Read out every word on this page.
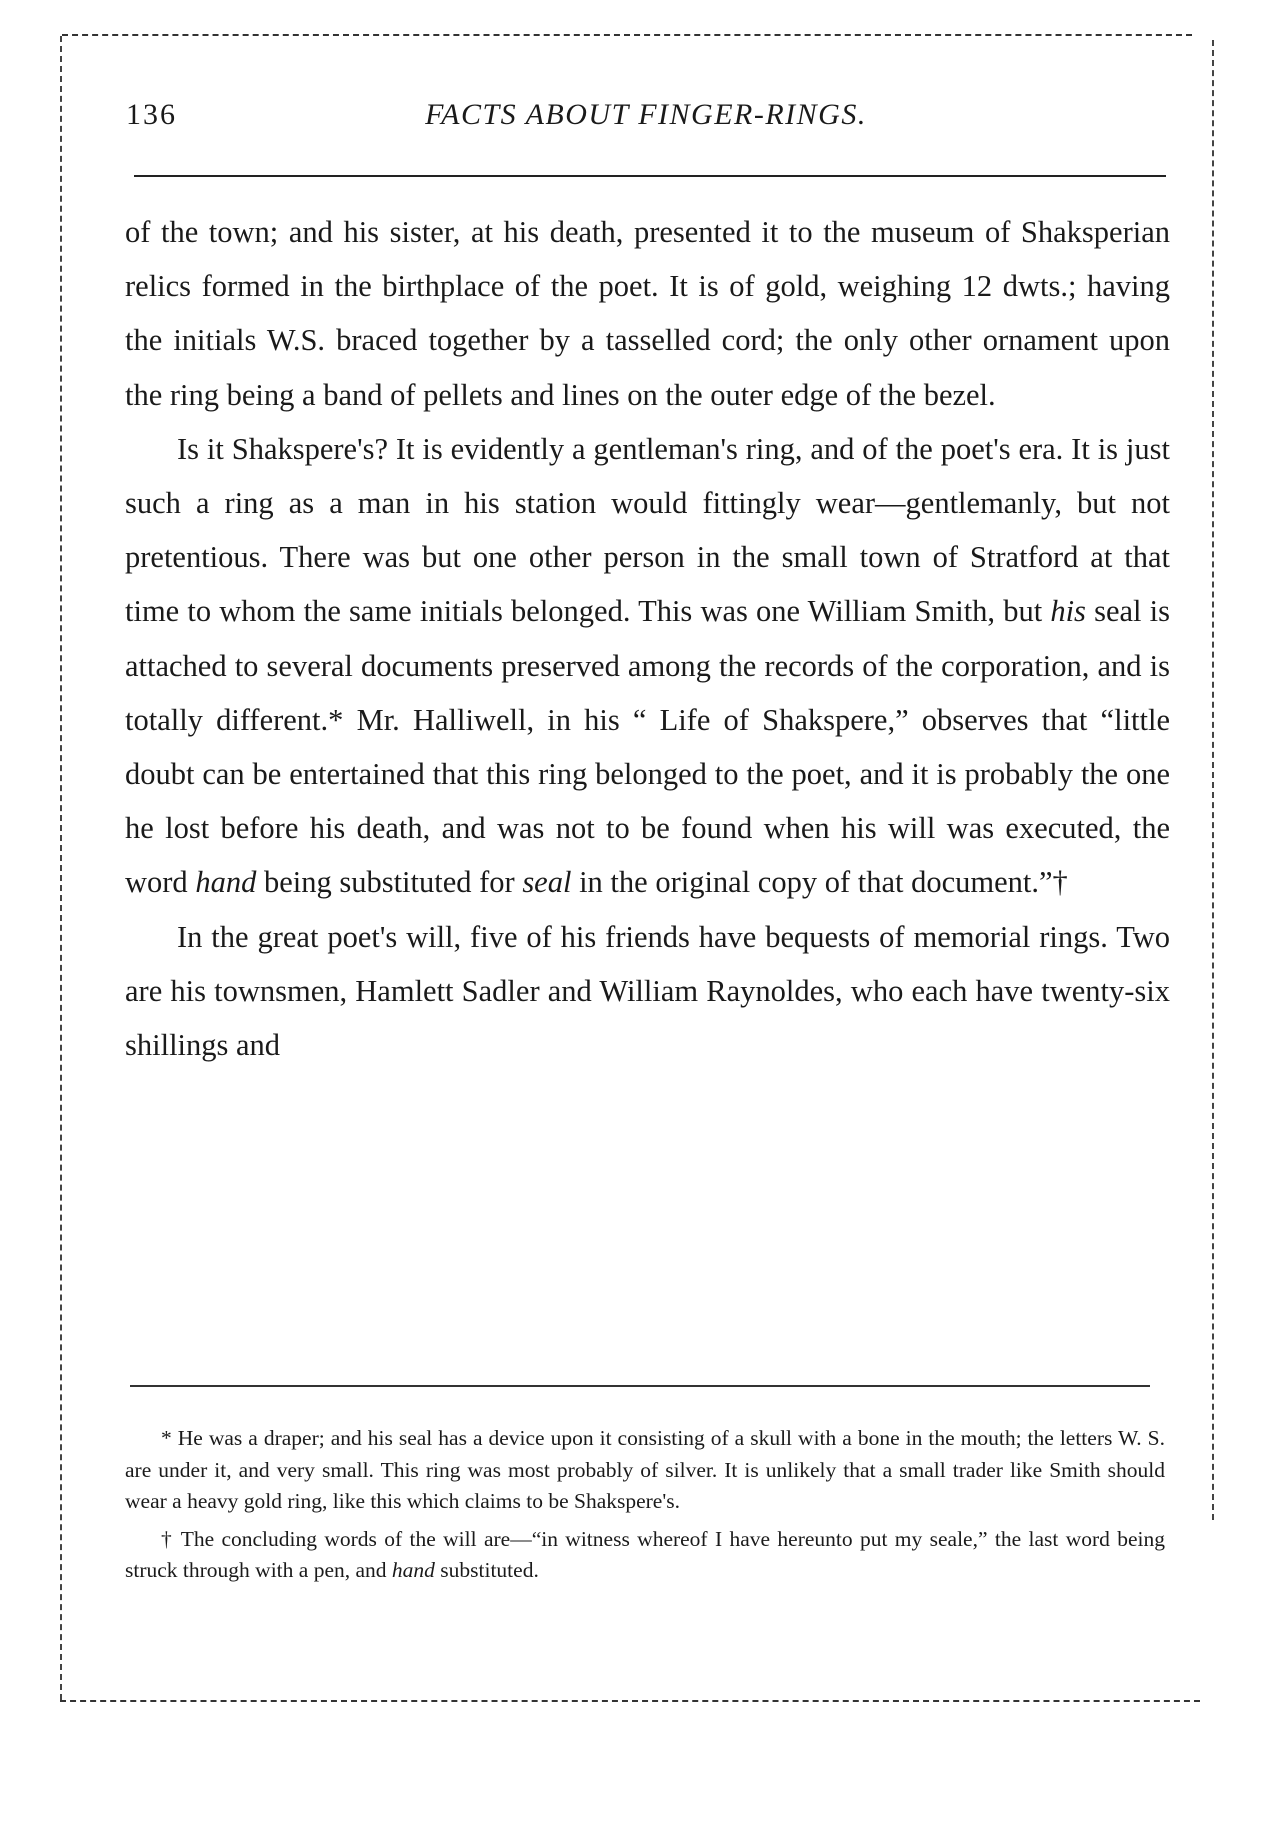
136	FACTS ABOUT FINGER-RINGS.

of the town; and his sister, at his death, presented it to the museum of Shaksperian relics formed in the birthplace of the poet. It is of gold, weighing 12 dwts.; having the initials W.S. braced together by a tasselled cord; the only other ornament upon the ring being a band of pellets and lines on the outer edge of the bezel.

Is it Shakspere's? It is evidently a gentleman's ring, and of the poet's era. It is just such a ring as a man in his station would fittingly wear—gentlemanly, but not pretentious. There was but one other person in the small town of Stratford at that time to whom the same initials belonged. This was one William Smith, but his seal is attached to several documents preserved among the records of the corporation, and is totally different.* Mr. Halliwell, in his “ Life of Shakspere,” observes that “little doubt can be entertained that this ring belonged to the poet, and it is probably the one he lost before his death, and was not to be found when his will was executed, the word hand being substituted for seal in the original copy of that document.”†

In the great poet's will, five of his friends have bequests of memorial rings. Two are his townsmen, Hamlett Sadler and William Raynoldes, who each have twenty-six shillings and

* He was a draper; and his seal has a device upon it consisting of a skull with a bone in the mouth; the letters W. S. are under it, and very small. This ring was most probably of silver. It is unlikely that a small trader like Smith should wear a heavy gold ring, like this which claims to be Shakspere's.

† The concluding words of the will are—“in witness whereof I have hereunto put my seale,” the last word being struck through with a pen, and hand substituted.
